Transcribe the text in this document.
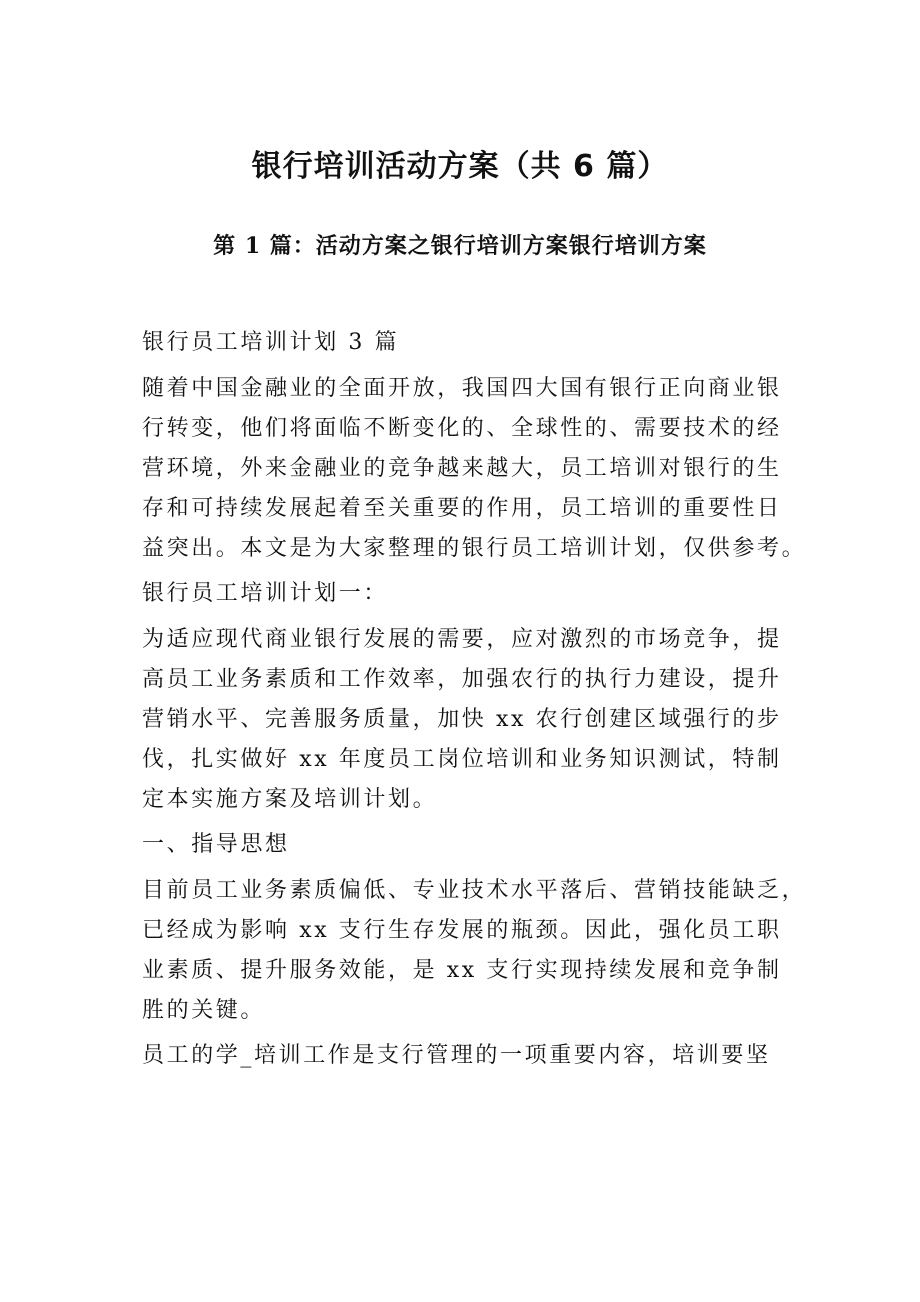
银行培训活动方案（共 6 篇）
第 1 篇：活动方案之银行培训方案银行培训方案

银行员工培训计划 3 篇

随着中国金融业的全面开放，我国四大国有银行正向商业银
行转变，他们将面临不断变化的、全球性的、需要技术的经
营环境，外来金融业的竞争越来越大，员工培训对银行的生
存和可持续发展起着至关重要的作用，员工培训的重要性日
益突出。本文是为大家整理的银行员工培训计划，仅供参考。

银行员工培训计划一：

为适应现代商业银行发展的需要，应对激烈的市场竞争，提
高员工业务素质和工作效率，加强农行的执行力建设，提升
营销水平、完善服务质量，加快 xx 农行创建区域强行的步
伐，扎实做好 xx 年度员工岗位培训和业务知识测试，特制
定本实施方案及培训计划。

一、指导思想

目前员工业务素质偏低、专业技术水平落后、营销技能缺乏，
已经成为影响 xx 支行生存发展的瓶颈。因此，强化员工职
业素质、提升服务效能，是 xx 支行实现持续发展和竞争制
胜的关键。

员工的学_培训工作是支行管理的一项重要内容，培训要坚
